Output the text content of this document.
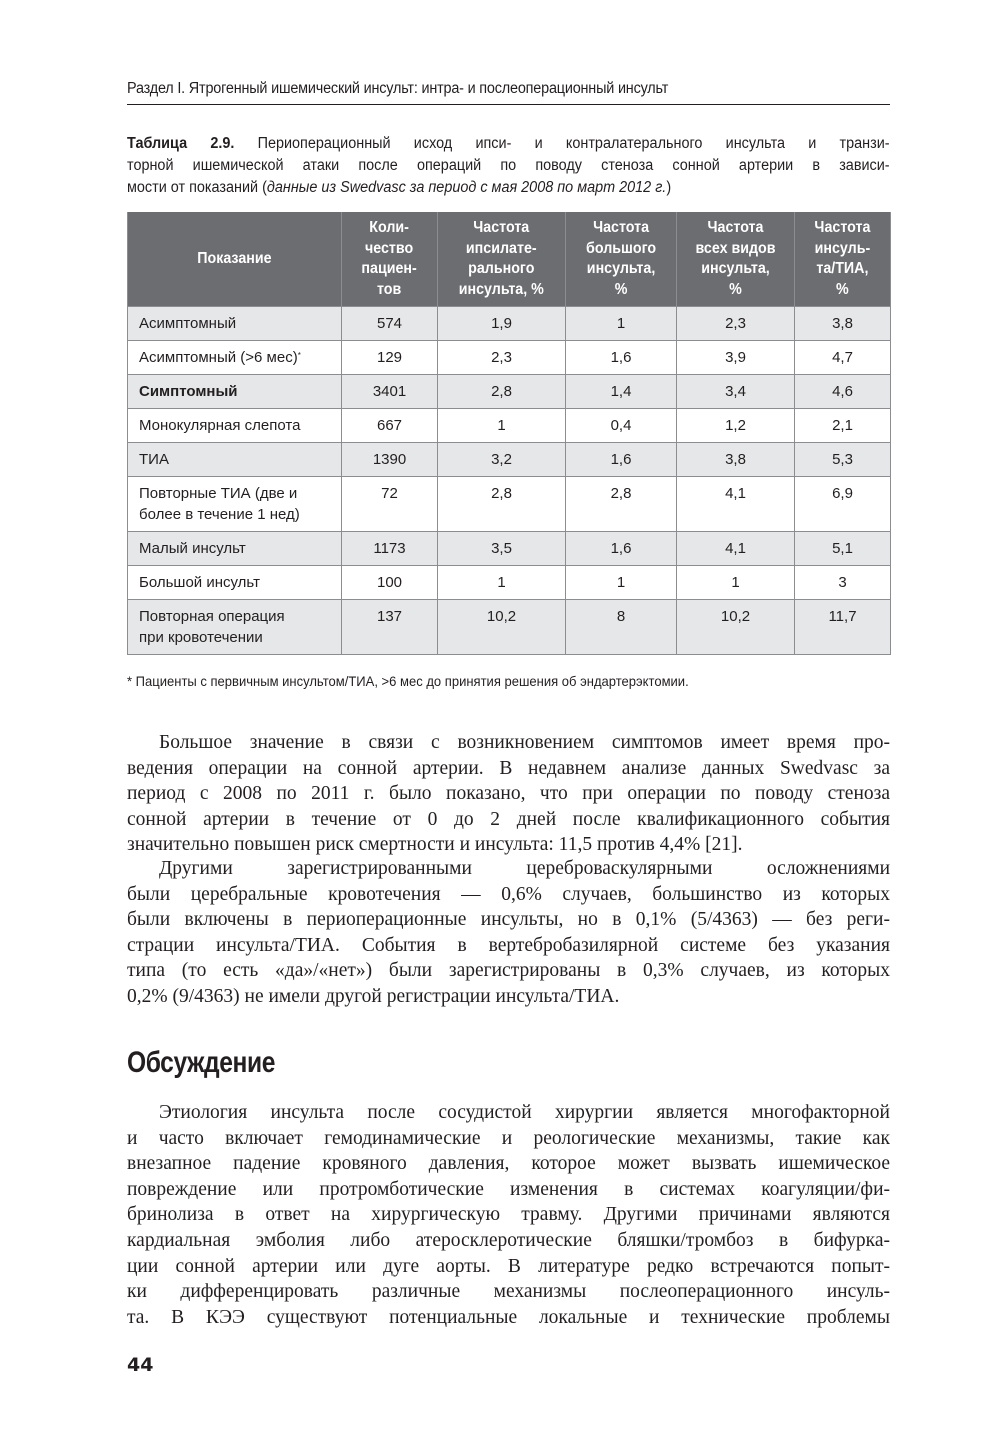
Раздел I. Ятрогенный ишемический инсульт: интра- и послеоперационный инсульт
Таблица 2.9. Периоперационный исход ипси- и контралатерального инсульта и транзи-
торной ишемической атаки после операций по поводу стеноза сонной артерии в зависи-
мости от показаний (данные из Swedvasc за период с мая 2008 по март 2012 г.)
Показание	Коли-
чество
пациен-
тов	Частота
ипсилате-
рального
инсульта, %	Частота
большого
инсульта,
%	Частота
всех видов
инсульта,
%	Частота
инсуль-
та/ТИА,
%

Асимптомный	574	1,9	1	2,3	3,8

Асимптомный (>6 мес)*	129	2,3	1,6	3,9	4,7

Симптомный	3401	2,8	1,4	3,4	4,6

Монокулярная слепота	667	1	0,4	1,2	2,1

ТИА	1390	3,2	1,6	3,8	5,3

Повторные ТИА (две и
более в течение 1 нед)	72	2,8	2,8	4,1	6,9

Малый инсульт	1173	3,5	1,6	4,1	5,1

Большой инсульт	100	1	1	1	3

Повторная операция
при кровотечении	137	10,2	8	10,2	11,7
* Пациенты с первичным инсультом/ТИА, >6 мес до принятия решения об эндартерэктомии.
Большое значение в связи с возникновением симптомов имеет время про-
ведения операции на сонной артерии. В недавнем анализе данных Swedvasc за
период с 2008 по 2011 г. было показано, что при операции по поводу стеноза
сонной артерии в течение от 0 до 2 дней после квалификационного события
значительно повышен риск смертности и инсульта: 11,5 против 4,4% [21].
Другими зарегистрированными цереброваскулярными осложнениями
были церебральные кровотечения — 0,6% случаев, большинство из которых
были включены в периоперационные инсульты, но в 0,1% (5/4363) — без реги-
страции инсульта/ТИА. События в вертебробазилярной системе без указания
типа (то есть «да»/«нет») были зарегистрированы в 0,3% случаев, из которых
0,2% (9/4363) не имели другой регистрации инсульта/ТИА.
Обсуждение
Этиология инсульта после сосудистой хирургии является многофакторной
и часто включает гемодинамические и реологические механизмы, такие как
внезапное падение кровяного давления, которое может вызвать ишемическое
повреждение или протромботические изменения в системах коагуляции/фи-
бринолиза в ответ на хирургическую травму. Другими причинами являются
кардиальная эмболия либо атеросклеротические бляшки/тромбоз в бифурка-
ции сонной артерии или дуге аорты. В литературе редко встречаются попыт-
ки дифференцировать различные механизмы послеоперационного инсуль-
та. В КЭЭ существуют потенциальные локальные и технические проблемы
44
